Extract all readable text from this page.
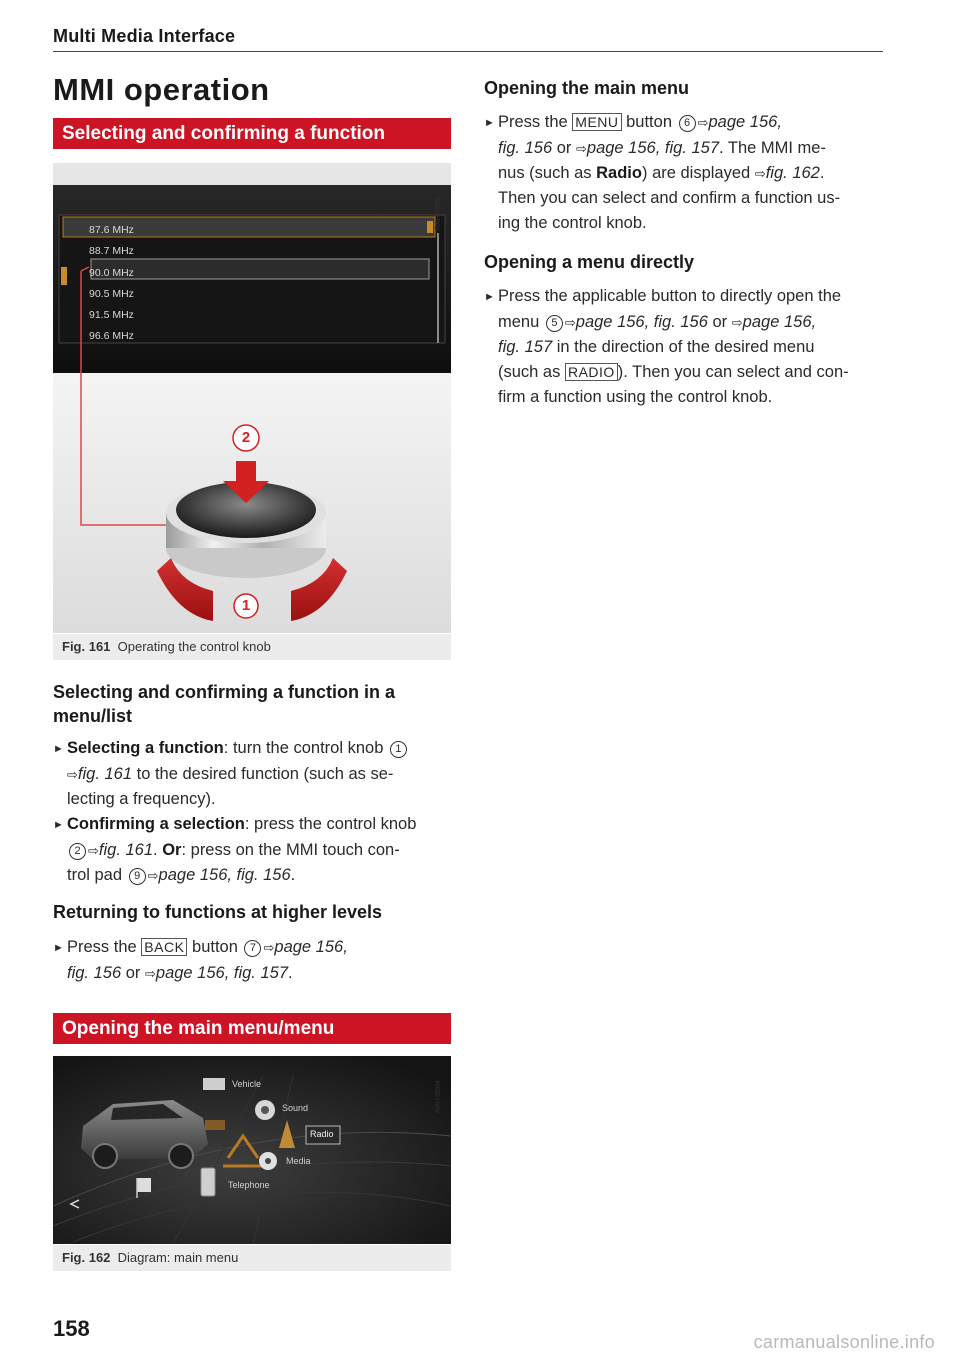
Multi Media Interface
MMI operation
Selecting and confirming a function
RAH-8539
87.6 MHz
88.7 MHz
90.0 MHz
90.5 MHz
91.5 MHz
96.6 MHz
2
1
Fig. 161 Operating the control knob
Selecting and confirming a function in a menu/list
► Selecting a function: turn the control knob 1
⇨fig. 161 to the desired function (such as se-
lecting a frequency).
► Confirming a selection: press the control knob
2 ⇨fig. 161. Or: press on the MMI touch con-
trol pad 9 ⇨page 156, fig. 156.
Returning to functions at higher levels
► Press the BACK button 7 ⇨page 156,
fig. 156 or ⇨page 156, fig. 157.
Opening the main menu/menu
RAH-8664
Vehicle
Sound
Radio
Media
Telephone
Fig. 162 Diagram: main menu
Opening the main menu
► Press the MENU button 6 ⇨page 156,
fig. 156 or ⇨page 156, fig. 157. The MMI me-
nus (such as Radio) are displayed ⇨fig. 162.
Then you can select and confirm a function us-
ing the control knob.
Opening a menu directly
► Press the applicable button to directly open the
menu 5 ⇨page 156, fig. 156 or ⇨page 156,
fig. 157 in the direction of the desired menu
(such as RADIO ). Then you can select and con-
firm a function using the control knob.
158
carmanualsonline.info
